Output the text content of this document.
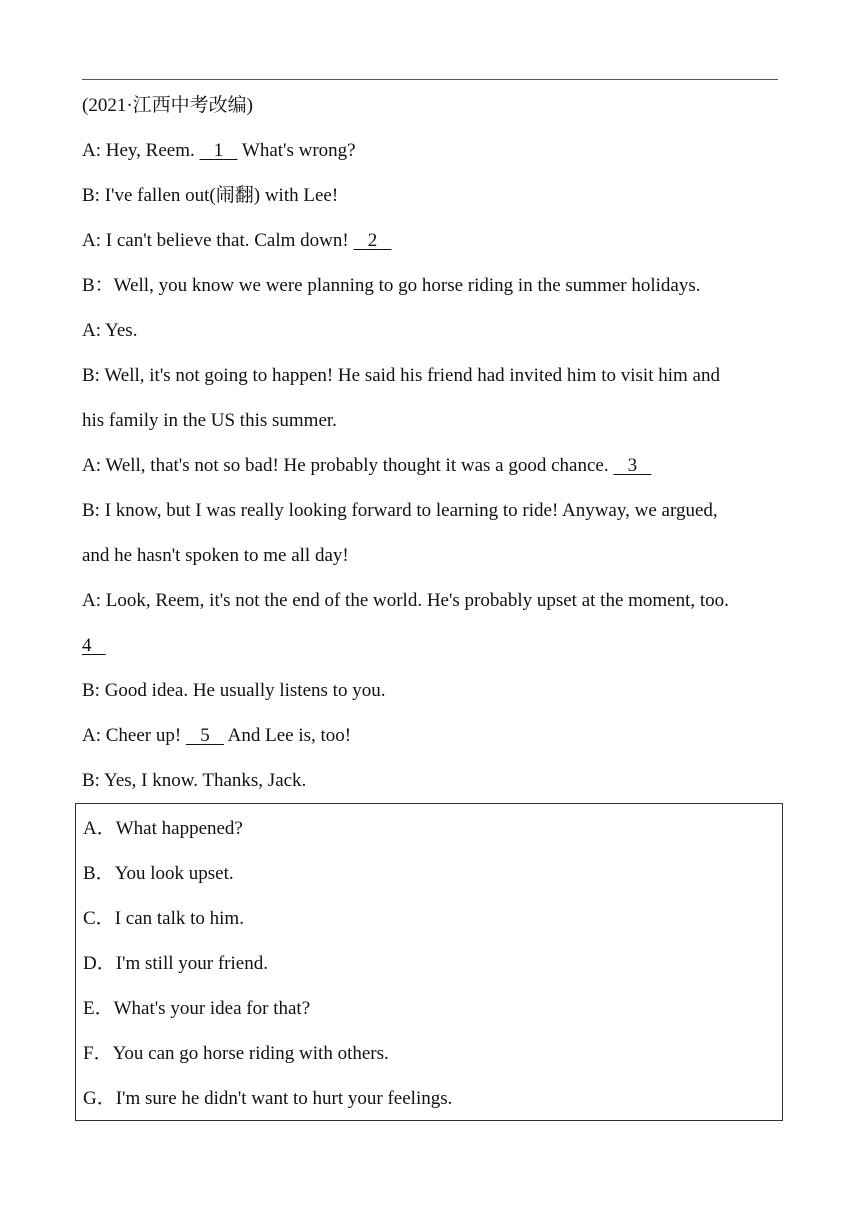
(2021·江西中考改编)
A: Hey, Reem.    1    What's wrong?
B: I've fallen out(闹翻) with Lee!
A: I can't believe that. Calm down!    2
B：Well, you know we were planning to go horse riding in the summer holidays.
A: Yes.
B: Well, it's not going to happen! He said his friend had invited him to visit him and
his family in the US this summer.
A: Well, that's not so bad! He probably thought it was a good chance.    3
B: I know, but I was really looking forward to learning to ride! Anyway, we argued,
and he hasn't spoken to me all day!
A: Look, Reem, it's not the end of the world. He's probably upset at the moment, too.
4
B: Good idea. He usually listens to you.
A: Cheer up!    5    And Lee is, too!
B: Yes, I know. Thanks, Jack.
A．What happened?
B．You look upset.
C．I can talk to him.
D．I'm still your friend.
E．What's your idea for that?
F．You can go horse riding with others.
G．I'm sure he didn't want to hurt your feelings.
